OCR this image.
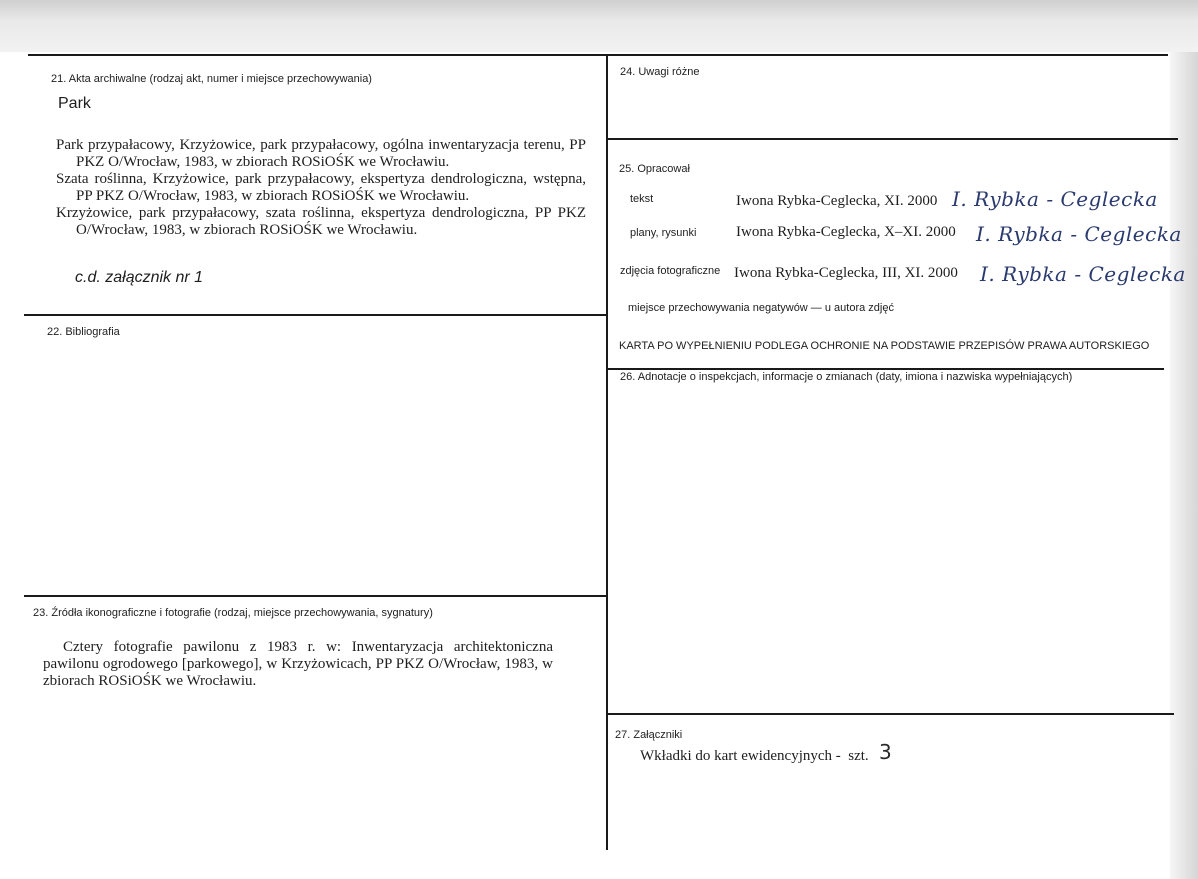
21. Akta archiwalne (rodzaj akt, numer i miejsce przechowywania)
Park

Park przypałacowy, Krzyżowice, park przypałacowy, ogólna inwentaryzacja terenu, PP PKZ O/Wrocław, 1983, w zbiorach ROSiOŚK we Wrocławiu.

Szata roślinna, Krzyżowice, park przypałacowy, ekspertyza dendrologiczna, wstępna, PP PKZ O/Wrocław, 1983, w zbiorach ROSiOŚK we Wrocławiu.

Krzyżowice, park przypałacowy, szata roślinna, ekspertyza dendrologiczna, PP PKZ O/Wrocław, 1983, w zbiorach ROSiOŚK we Wrocławiu.

c.d. załącznik nr 1
22. Bibliografia
23. Źródła ikonograficzne i fotografie (rodzaj, miejsce przechowywania, sygnatury)
Cztery fotografie pawilonu z 1983 r. w: Inwentaryzacja architektoniczna pawilonu ogrodowego [parkowego], w Krzyżowicach, PP PKZ O/Wrocław, 1983, w zbiorach ROSiOŚK we Wrocławiu.
24. Uwagi różne
25. Opracował
tekst	Iwona Rybka-Ceglecka, XI. 2000 I. Rybka - Ceglecka
plany, rysunki	Iwona Rybka-Ceglecka, X–XI. 2000 I. Rybka - Ceglecka
zdjęcia fotograficzne Iwona Rybka-Ceglecka, III, XI. 2000 I. Rybka - Ceglecka
miejsce przechowywania negatywów — u autora zdjęć
KARTA PO WYPEŁNIENIU PODLEGA OCHRONIE NA PODSTAWIE PRZEPISÓW PRAWA AUTORSKIEGO
26. Adnotacje o inspekcjach, informacje o zmianach (daty, imiona i nazwiska wypełniających)
27. Załączniki
Wkładki do kart ewidencyjnych -  szt. 3
